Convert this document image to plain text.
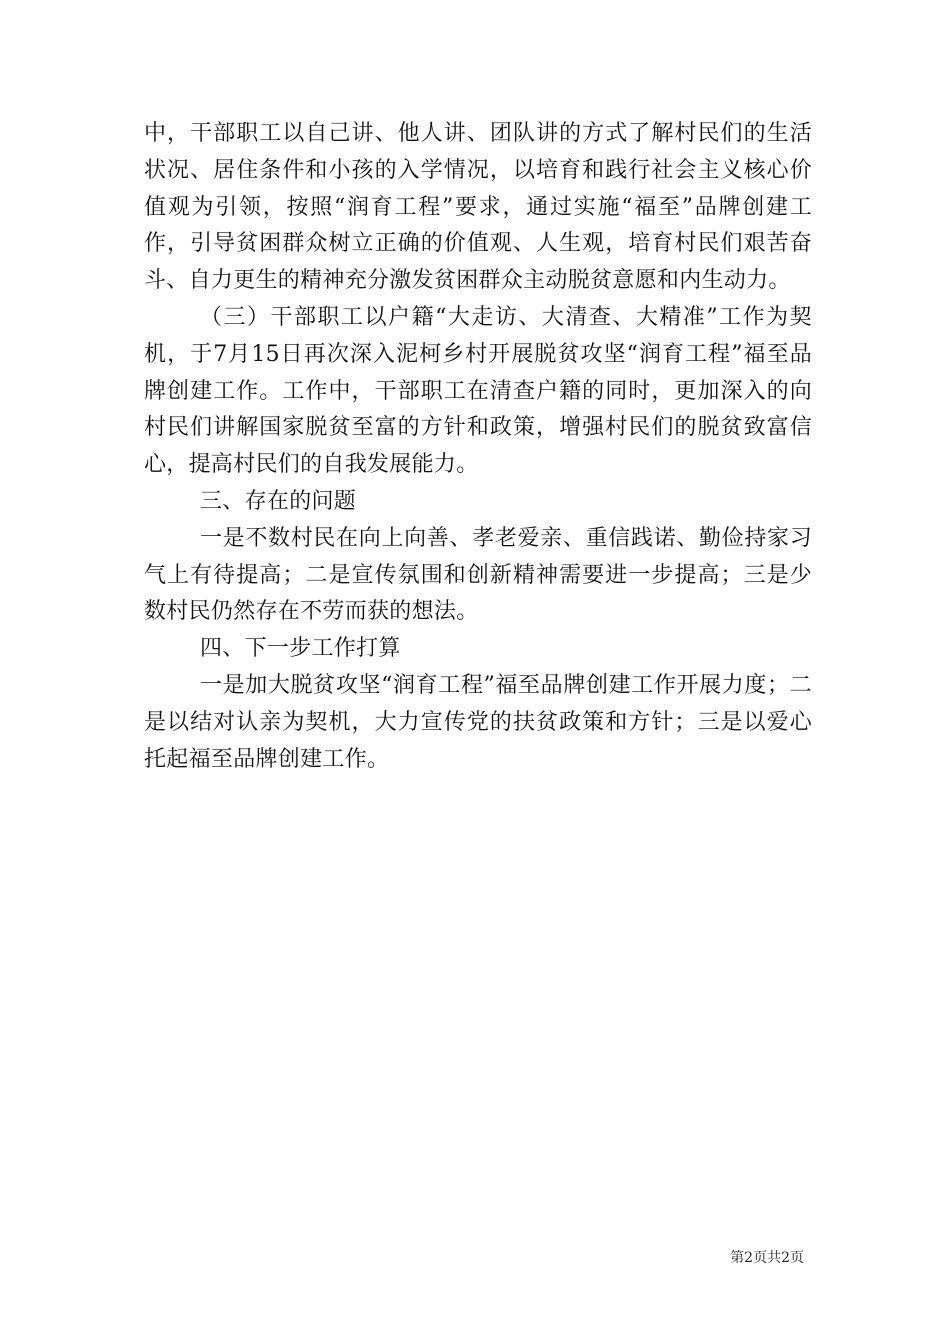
中，干部职工以自己讲、他人讲、团队讲的方式了解村民们的生活状况、居住条件和小孩的入学情况，以培育和践行社会主义核心价值观为引领，按照“润育工程”要求，通过实施“福至”品牌创建工作，引导贫困群众树立正确的价值观、人生观，培育村民们艰苦奋斗、自力更生的精神充分激发贫困群众主动脱贫意愿和内生动力。

（三）干部职工以户籍“大走访、大清查、大精准”工作为契机，于7月15日再次深入泥柯乡村开展脱贫攻坚“润育工程”福至品牌创建工作。工作中，干部职工在清查户籍的同时，更加深入的向村民们讲解国家脱贫至富的方针和政策，增强村民们的脱贫致富信心，提高村民们的自我发展能力。

三、存在的问题

一是不数村民在向上向善、孝老爱亲、重信践诺、勤俭持家习气上有待提高；二是宣传氛围和创新精神需要进一步提高；三是少数村民仍然存在不劳而获的想法。

四、下一步工作打算

一是加大脱贫攻坚“润育工程”福至品牌创建工作开展力度；二是以结对认亲为契机，大力宣传党的扶贫政策和方针；三是以爱心托起福至品牌创建工作。

第2页共2页
